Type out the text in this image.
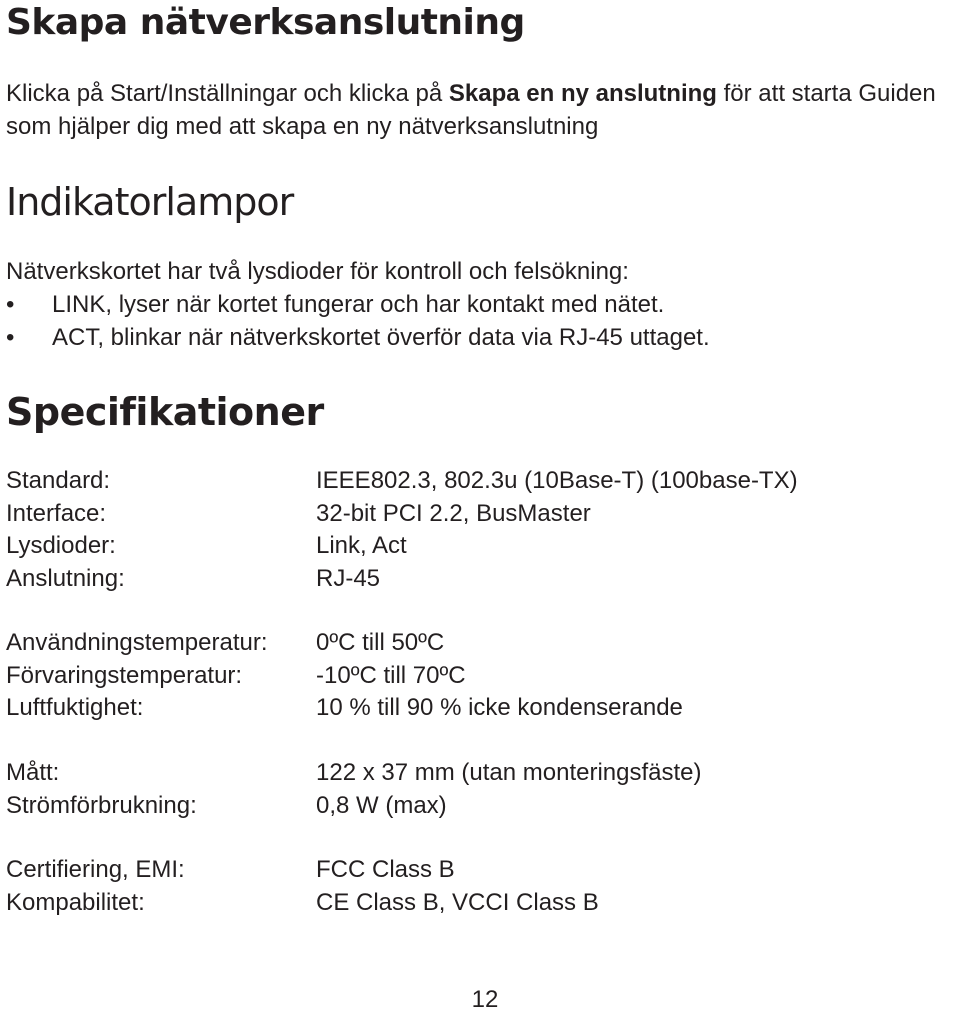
Skapa nätverksanslutning

Klicka på Start/Inställningar och klicka på Skapa en ny anslutning för att starta Guiden som hjälper dig med att skapa en ny nätverksanslutning

Indikatorlampor

Nätverkskortet har två lysdioder för kontroll och felsökning:

• LINK, lyser när kortet fungerar och har kontakt med nätet.
• ACT, blinkar när nätverkskortet överför data via RJ-45 uttaget.
Specifikationer
Standard:	IEEE802.3, 802.3u (10Base-T) (100base-TX)
Interface:	32-bit PCI 2.2, BusMaster
Lysdioder:	Link, Act
Anslutning:	RJ-45
Användningstemperatur:	0ºC till 50ºC
Förvaringstemperatur:	-10ºC till 70ºC
Luftfuktighet:	10 % till 90 % icke kondenserande
Mått:	122 x 37 mm (utan monteringsfäste)
Strömförbrukning:	0,8 W (max)
Certifiering, EMI:	FCC Class B
Kompabilitet:	CE Class B, VCCI Class B
12
